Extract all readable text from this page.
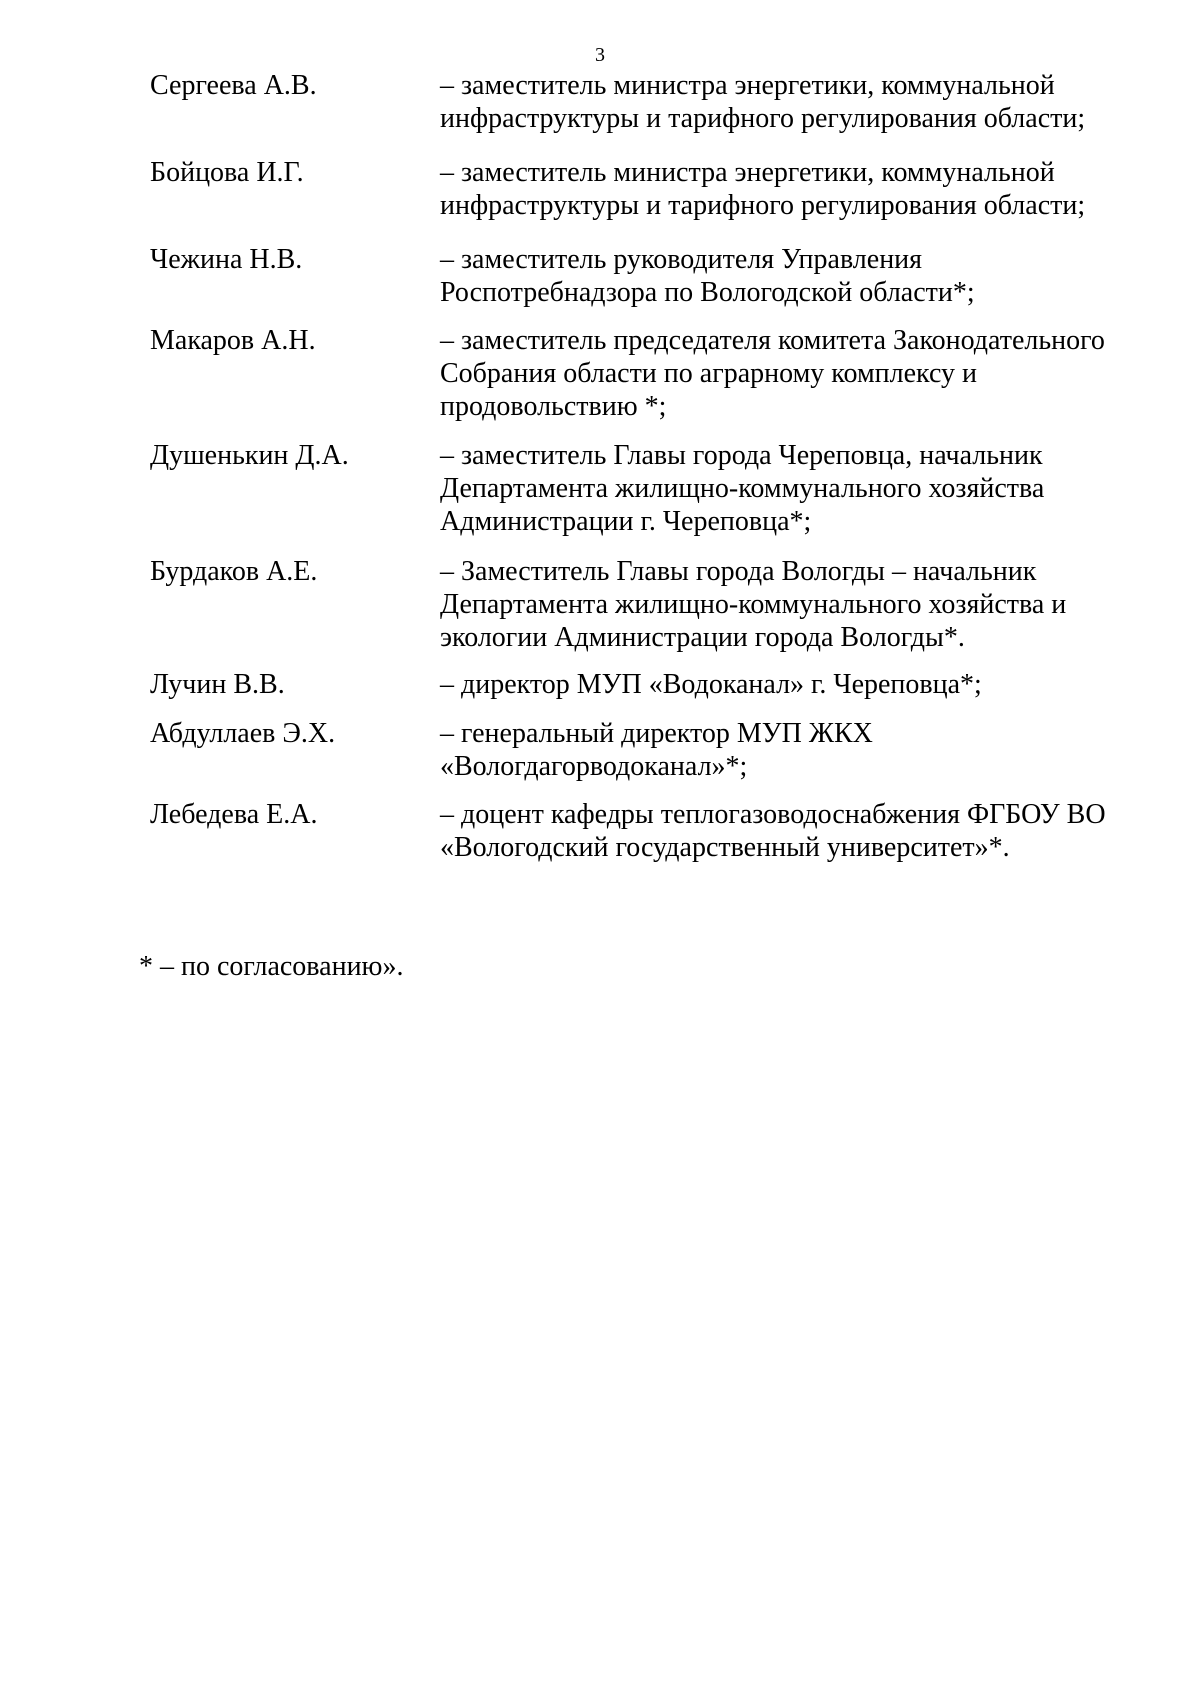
3
Сергеева А.В.	– заместитель министра энергетики, коммунальной
инфраструктуры и тарифного регулирования области;
Бойцова И.Г.	– заместитель министра энергетики, коммунальной
инфраструктуры и тарифного регулирования области;
Чежина Н.В.	– заместитель руководителя Управления
Роспотребнадзора по Вологодской области*;
Макаров А.Н.	– заместитель председателя комитета Законодательного
Собрания области по аграрному комплексу и
продовольствию *;
Душенькин Д.А.	– заместитель Главы города Череповца, начальник
Департамента жилищно-коммунального хозяйства
Администрации г. Череповца*;
Бурдаков А.Е.	– Заместитель Главы города Вологды – начальник
Департамента жилищно-коммунального хозяйства и
экологии Администрации города Вологды*.
Лучин В.В.	– директор МУП «Водоканал» г. Череповца*;
Абдуллаев Э.Х.	– генеральный директор МУП ЖКХ
«Вологдагорводоканал»*;
Лебедева Е.А.	– доцент кафедры теплогазоводоснабжения ФГБОУ ВО
«Вологодский государственный университет»*.
* – по согласованию».
